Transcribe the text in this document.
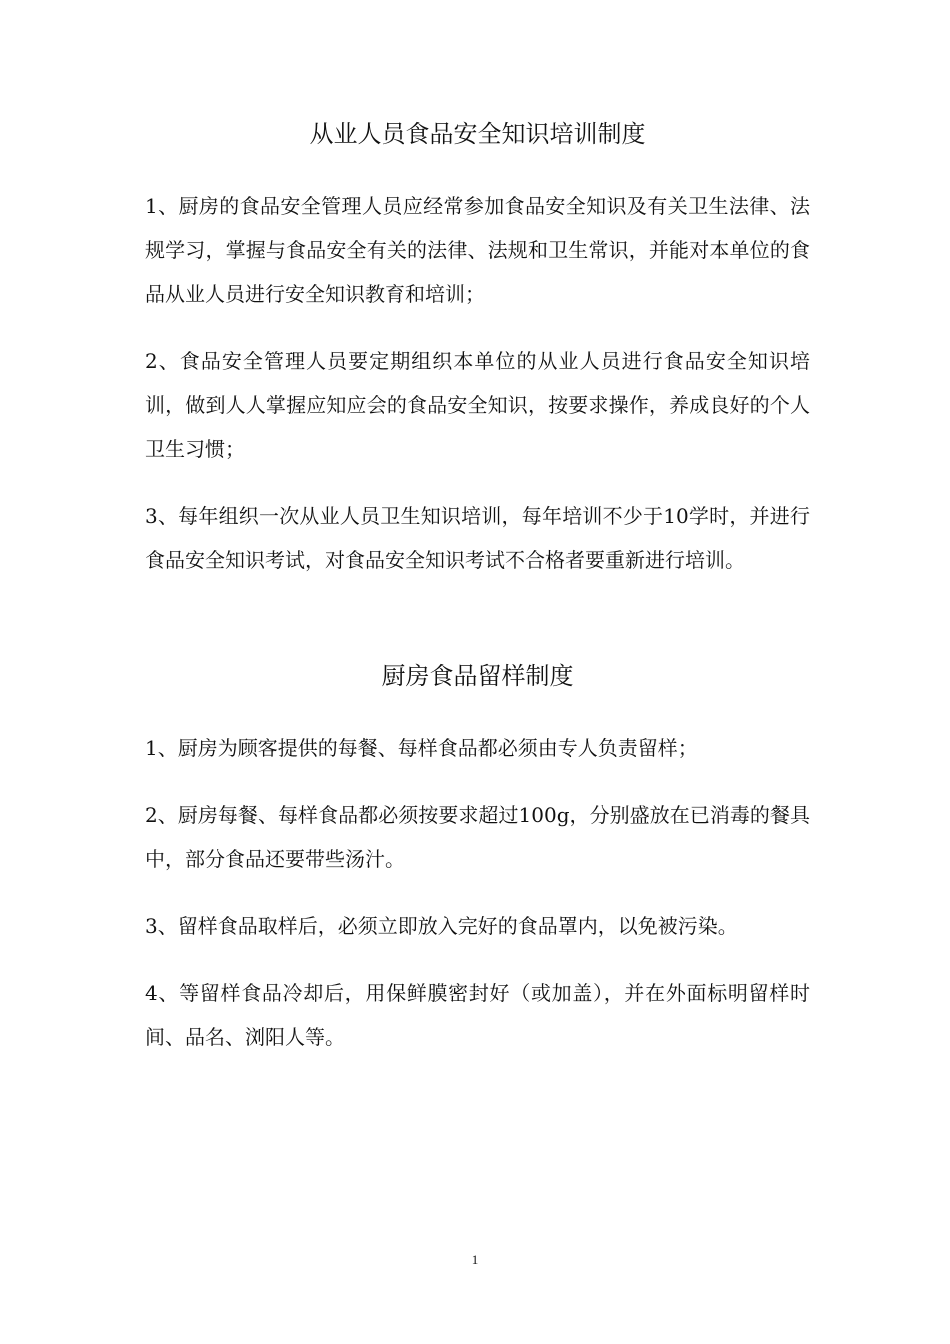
从业人员食品安全知识培训制度

1、厨房的食品安全管理人员应经常参加食品安全知识及有关卫生法律、法规学习，掌握与食品安全有关的法律、法规和卫生常识，并能对本单位的食品从业人员进行安全知识教育和培训；

2、食品安全管理人员要定期组织本单位的从业人员进行食品安全知识培训，做到人人掌握应知应会的食品安全知识，按要求操作，养成良好的个人卫生习惯；

3、每年组织一次从业人员卫生知识培训，每年培训不少于10学时，并进行食品安全知识考试，对食品安全知识考试不合格者要重新进行培训。

厨房食品留样制度

1、厨房为顾客提供的每餐、每样食品都必须由专人负责留样；

2、厨房每餐、每样食品都必须按要求超过100g，分别盛放在已消毒的餐具中，部分食品还要带些汤汁。

3、留样食品取样后，必须立即放入完好的食品罩内，以免被污染。

4、等留样食品冷却后，用保鲜膜密封好（或加盖），并在外面标明留样时间、品名、浏阳人等。

1
